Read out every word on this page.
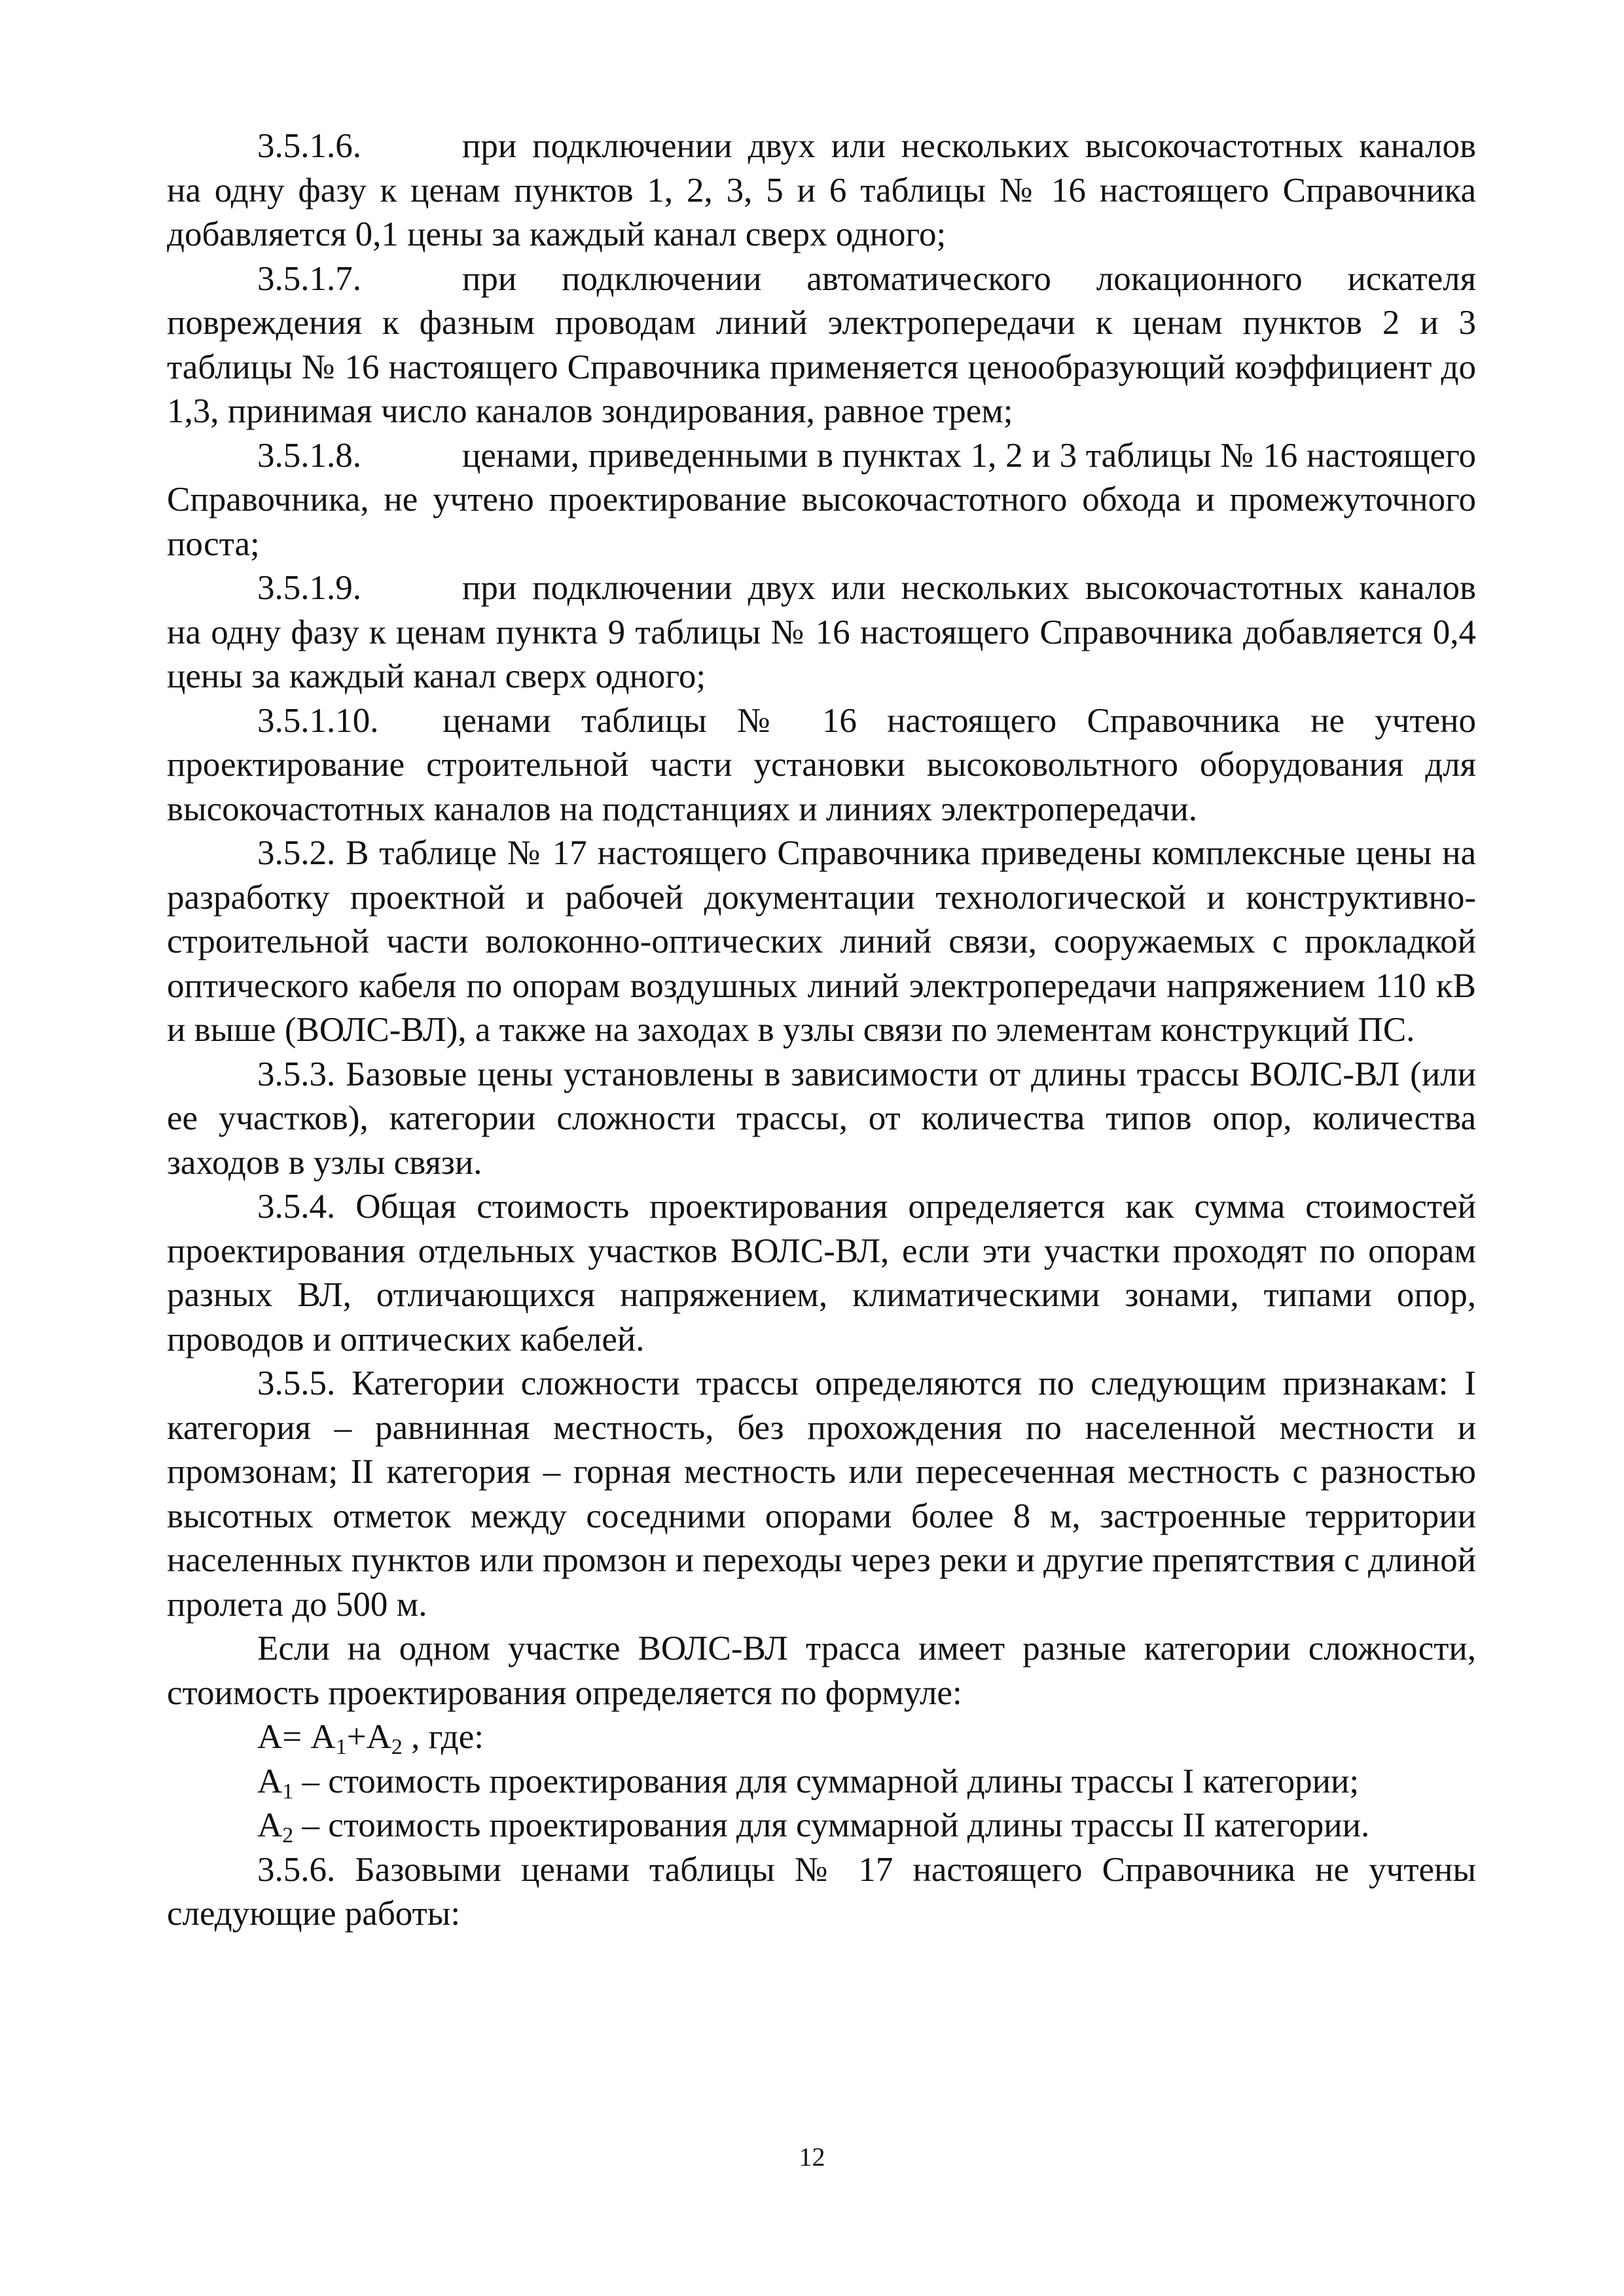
3.5.1.6.	при подключении двух или нескольких высокочастотных каналов на одну фазу к ценам пунктов 1, 2, 3, 5 и 6 таблицы № 16 настоящего Справочника добавляется 0,1 цены за каждый канал сверх одного;

3.5.1.7.	при подключении автоматического локационного искателя повреждения к фазным проводам линий электропередачи к ценам пунктов 2 и 3 таблицы № 16 настоящего Справочника применяется ценообразующий коэффициент до 1,3, принимая число каналов зондирования, равное трем;

3.5.1.8.	ценами, приведенными в пунктах 1, 2 и 3 таблицы № 16 настоящего Справочника, не учтено проектирование высокочастотного обхода и промежуточного поста;

3.5.1.9.	при подключении двух или нескольких высокочастотных каналов на одну фазу к ценам пункта 9 таблицы № 16 настоящего Справочника добавляется 0,4 цены за каждый канал сверх одного;

3.5.1.10. ценами таблицы № 16 настоящего Справочника не учтено проектирование строительной части установки высоковольтного оборудования для высокочастотных каналов на подстанциях и линиях электропередачи.

3.5.2. В таблице № 17 настоящего Справочника приведены комплексные цены на разработку проектной и рабочей документации технологической и конструктивно-строительной части волоконно-оптических линий связи, сооружаемых с прокладкой оптического кабеля по опорам воздушных линий электропередачи напряжением 110 кВ и выше (ВОЛС-ВЛ), а также на заходах в узлы связи по элементам конструкций ПС.

3.5.3. Базовые цены установлены в зависимости от длины трассы ВОЛС-ВЛ (или ее участков), категории сложности трассы, от количества типов опор, количества заходов в узлы связи.

3.5.4. Общая стоимость проектирования определяется как сумма стоимостей проектирования отдельных участков ВОЛС-ВЛ, если эти участки проходят по опорам разных ВЛ, отличающихся напряжением, климатическими зонами, типами опор, проводов и оптических кабелей.

3.5.5. Категории сложности трассы определяются по следующим признакам: I категория – равнинная местность, без прохождения по населенной местности и промзонам; II категория – горная местность или пересеченная местность с разностью высотных отметок между соседними опорами более 8 м, застроенные территории населенных пунктов или промзон и переходы через реки и другие препятствия с длиной пролета до 500 м.

Если на одном участке ВОЛС-ВЛ трасса имеет разные категории сложности, стоимость проектирования определяется по формуле:

$А= А_1+А_2$ , где:

$А_1$ – стоимость проектирования для суммарной длины трассы I категории;

$А_2$ – стоимость проектирования для суммарной длины трассы II категории.

3.5.6. Базовыми ценами таблицы № 17 настоящего Справочника не учтены следующие работы:

12
